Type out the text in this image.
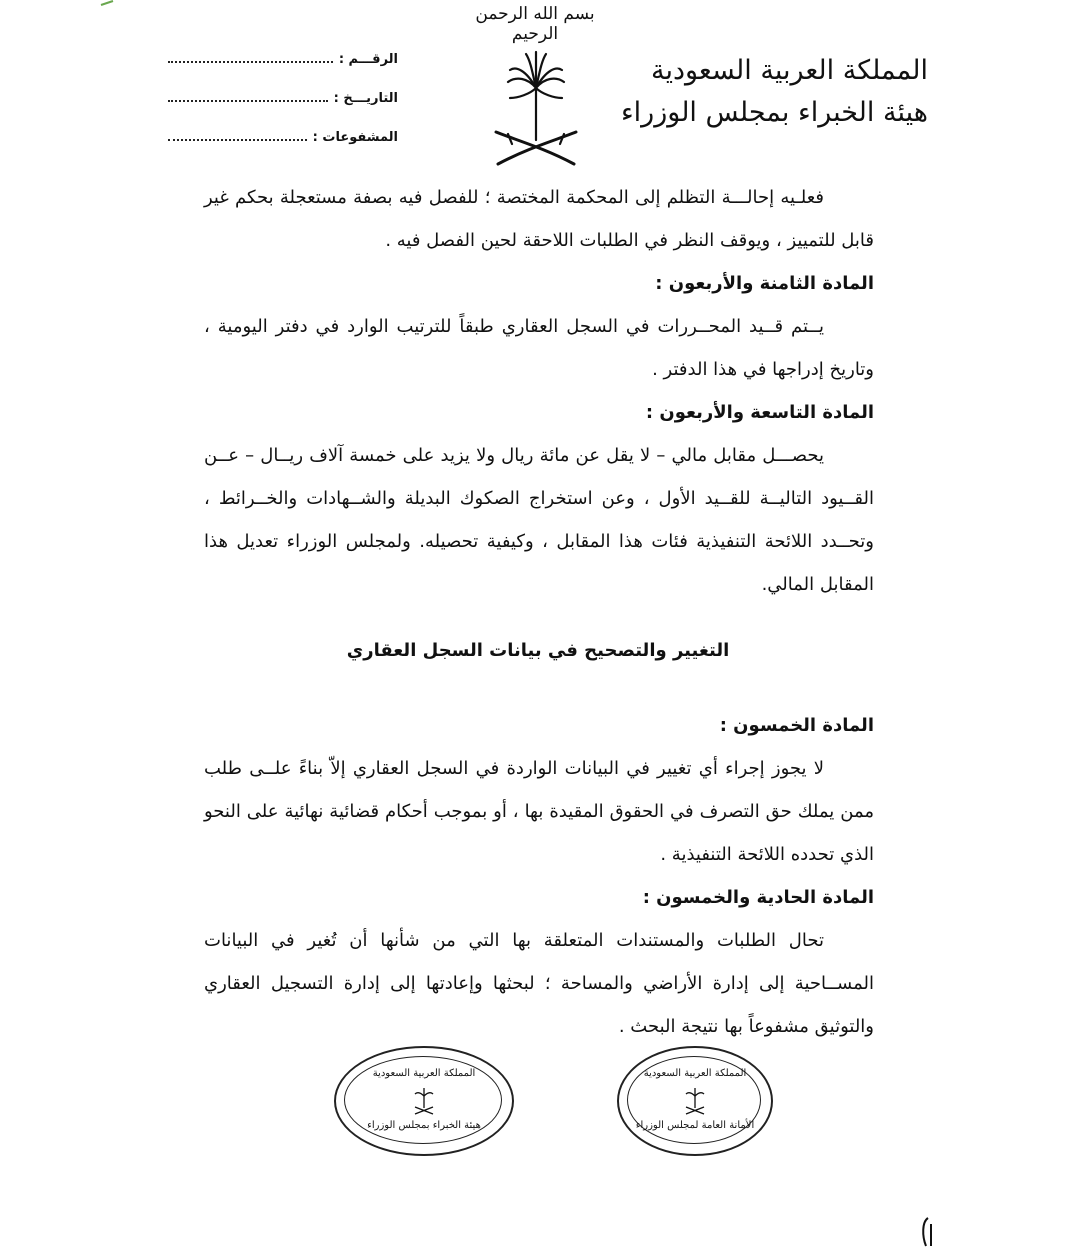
بسم الله الرحمن الرحيم
المملكة العربية السعودية
هيئة الخبراء بمجلس الوزراء
الرقـــم :
التاريـــخ :
المشفوعات :
فعلـيه إحالـــة التظلم إلى المحكمة المختصة ؛ للفصل فيه بصفة مستعجلة بحكم غير قابل للتمييز ، ويوقف النظر في الطلبات اللاحقة لحين الفصل فيه .
المادة الثامنة والأربعون :
يــتم قــيد المحــررات في السجل العقاري طبقاً للترتيب الوارد في دفتر اليومية ، وتاريخ إدراجها في هذا الدفتر .
المادة التاسعة والأربعون :
يحصـــل مقابل مالي – لا يقل عن مائة ريال ولا يزيد على خمسة آلاف ريــال – عــن القــيود التاليــة للقــيد الأول ، وعن استخراج الصكوك البديلة والشــهادات والخــرائط ، وتحــدد اللائحة التنفيذية فئات هذا المقابل ، وكيفية تحصيله. ولمجلس الوزراء تعديل هذا المقابل المالي.
التغيير والتصحيح في بيانات السجل العقاري
المادة الخمسون :
لا يجوز إجراء أي تغيير في البيانات الواردة في السجل العقاري إلاّ بناءً علــى طلب ممن يملك حق التصرف في الحقوق المقيدة بها ، أو بموجب أحكام قضائية نهائية على النحو الذي تحدده اللائحة التنفيذية .
المادة الحادية والخمسون :
تحال الطلبات والمستندات المتعلقة بها التي من شأنها أن تُغير في البيانات المســاحية إلى إدارة الأراضي والمساحة ؛ لبحثها وإعادتها إلى إدارة التسجيل العقاري والتوثيق مشفوعاً بها نتيجة البحث .
المملكة العربية السعودية
هيئة الخبراء بمجلس الوزراء
المملكة العربية السعودية
الأمانة العامة لمجلس الوزراء
